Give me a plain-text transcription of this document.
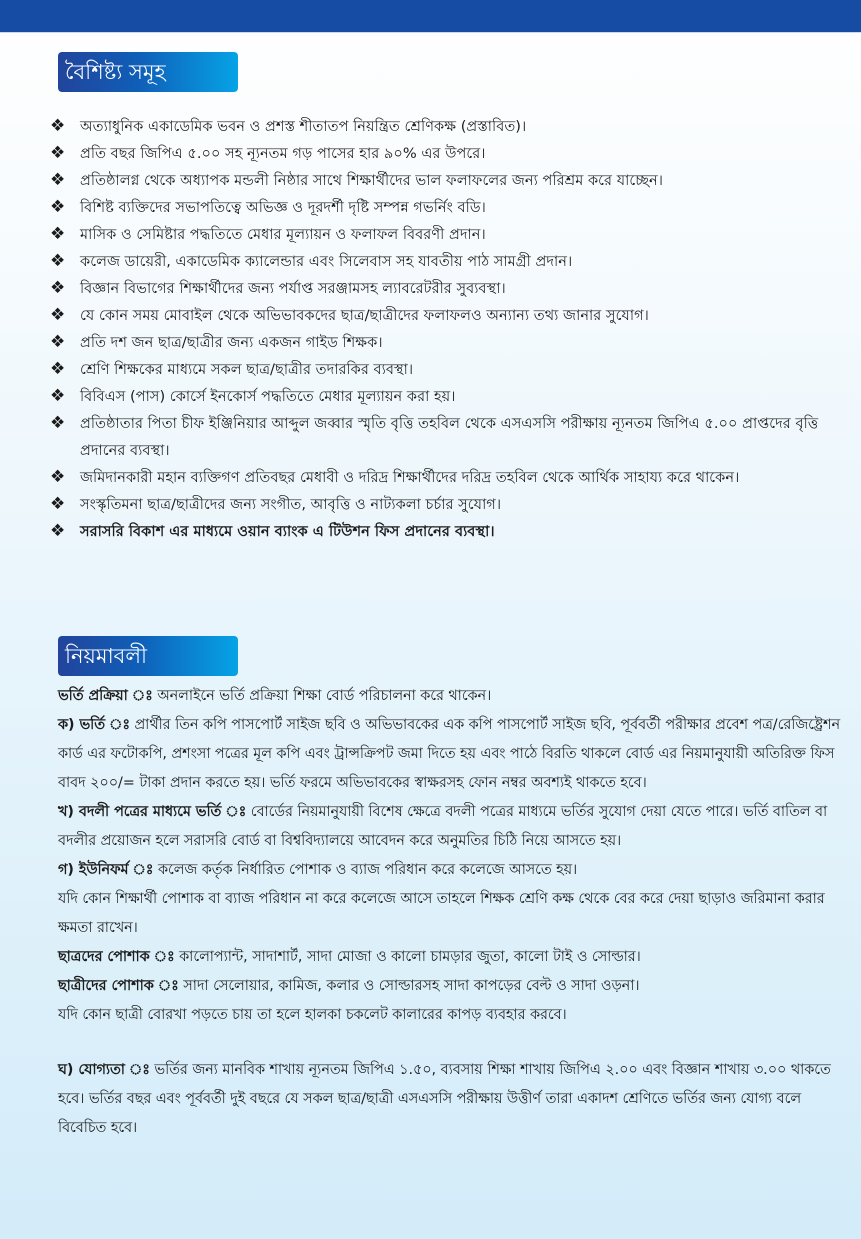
বৈশিষ্ট্য সমূহ
❖ অত্যাধুনিক একাডেমিক ভবন ও প্রশস্ত শীতাতপ নিয়ন্ত্রিত শ্রেণিকক্ষ (প্রস্তাবিত)।
❖ প্রতি বছর জিপিএ ৫.০০ সহ ন্যূনতম গড় পাসের হার ৯০% এর উপরে।
❖ প্রতিষ্ঠালগ্ন থেকে অধ্যাপক মন্ডলী নিষ্ঠার সাথে শিক্ষার্থীদের ভাল ফলাফলের জন্য পরিশ্রম করে যাচ্ছেন।
❖ বিশিষ্ট ব্যক্তিদের সভাপতিত্বে অভিজ্ঞ ও দূরদর্শী দৃষ্টি সম্পন্ন গভর্নিং বডি।
❖ মাসিক ও সেমিষ্টার পদ্ধতিতে মেধার মূল্যায়ন ও ফলাফল বিবরণী প্রদান।
❖ কলেজ ডায়েরী, একাডেমিক ক্যালেন্ডার এবং সিলেবাস সহ যাবতীয় পাঠ সামগ্রী প্রদান।
❖ বিজ্ঞান বিভাগের শিক্ষার্থীদের জন্য পর্যাপ্ত সরঞ্জামসহ ল্যাবরেটরীর সুব্যবস্থা।
❖ যে কোন সময় মোবাইল থেকে অভিভাবকদের ছাত্র/ছাত্রীদের ফলাফলও অন্যান্য তথ্য জানার সুযোগ।
❖ প্রতি দশ জন ছাত্র/ছাত্রীর জন্য একজন গাইড শিক্ষক।
❖ শ্রেণি শিক্ষকের মাধ্যমে সকল ছাত্র/ছাত্রীর তদারকির ব্যবস্থা।
❖ বিবিএস (পাস) কোর্সে ইনকোর্স পদ্ধতিতে মেধার মূল্যায়ন করা হয়।
❖ প্রতিষ্ঠাতার পিতা চীফ ইঞ্জিনিয়ার আব্দুল জব্বার স্মৃতি বৃত্তি তহবিল থেকে এসএসসি পরীক্ষায় ন্যূনতম জিপিএ ৫.০০ প্রাপ্তদের বৃত্তি প্রদানের ব্যবস্থা।
❖ জমিদানকারী মহান ব্যক্তিগণ প্রতিবছর মেধাবী ও দরিদ্র শিক্ষার্থীদের দরিদ্র তহবিল থেকে আর্থিক সাহায্য করে থাকেন।
❖ সংস্কৃতিমনা ছাত্র/ছাত্রীদের জন্য সংগীত, আবৃত্তি ও নাট্যকলা চর্চার সুযোগ।
❖ সরাসরি বিকাশ এর মাধ্যমে ওয়ান ব্যাংক এ টিউশন ফিস প্রদানের ব্যবস্থা।
নিয়মাবলী

ভর্তি প্রক্রিয়া ঃ অনলাইনে ভর্তি প্রক্রিয়া শিক্ষা বোর্ড পরিচালনা করে থাকেন।

ক) ভর্তি ঃ প্রার্থীর তিন কপি পাসপোর্ট সাইজ ছবি ও অভিভাবকের এক কপি পাসপোর্ট সাইজ ছবি, পূর্ববর্তী পরীক্ষার প্রবেশ পত্র/রেজিষ্ট্রেশন কার্ড এর ফটোকপি, প্রশংসা পত্রের মূল কপি এবং ট্রান্সক্রিপট জমা দিতে হয় এবং পাঠে বিরতি থাকলে বোর্ড এর নিয়মানুযায়ী অতিরিক্ত ফিস বাবদ ২০০/= টাকা প্রদান করতে হয়। ভর্তি ফরমে অভিভাবকের স্বাক্ষরসহ ফোন নম্বর অবশ্যই থাকতে হবে।

খ) বদলী পত্রের মাধ্যমে ভর্তি ঃ বোর্ডের নিয়মানুযায়ী বিশেষ ক্ষেত্রে বদলী পত্রের মাধ্যমে ভর্তির সুযোগ দেয়া যেতে পারে। ভর্তি বাতিল বা বদলীর প্রয়োজন হলে সরাসরি বোর্ড বা বিশ্ববিদ্যালয়ে আবেদন করে অনুমতির চিঠি নিয়ে আসতে হয়।

গ) ইউনিফর্ম ঃ কলেজ কর্তৃক নির্ধারিত পোশাক ও ব্যাজ পরিধান করে কলেজে আসতে হয়।

যদি কোন শিক্ষার্থী পোশাক বা ব্যাজ পরিধান না করে কলেজে আসে তাহলে শিক্ষক শ্রেণি কক্ষ থেকে বের করে দেয়া ছাড়াও জরিমানা করার ক্ষমতা রাখেন।

ছাত্রদের পোশাক ঃ কালোপ্যান্ট, সাদাশার্ট, সাদা মোজা ও কালো চামড়ার জুতা, কালো টাই ও সোল্ডার।

ছাত্রীদের পোশাক ঃ সাদা সেলোয়ার, কামিজ, কলার ও সোল্ডারসহ সাদা কাপড়ের বেল্ট ও সাদা ওড়না।

যদি কোন ছাত্রী বোরখা পড়তে চায় তা হলে হালকা চকলেট কালারের কাপড় ব্যবহার করবে।

ঘ) যোগ্যতা ঃ ভর্তির জন্য মানবিক শাখায় ন্যূনতম জিপিএ ১.৫০, ব্যবসায় শিক্ষা শাখায় জিপিএ ২.০০ এবং বিজ্ঞান শাখায় ৩.০০ থাকতে হবে। ভর্তির বছর এবং পূর্ববর্তী দুই বছরে যে সকল ছাত্র/ছাত্রী এসএসসি পরীক্ষায় উত্তীর্ণ তারা একাদশ শ্রেণিতে ভর্তির জন্য যোগ্য বলে বিবেচিত হবে।
